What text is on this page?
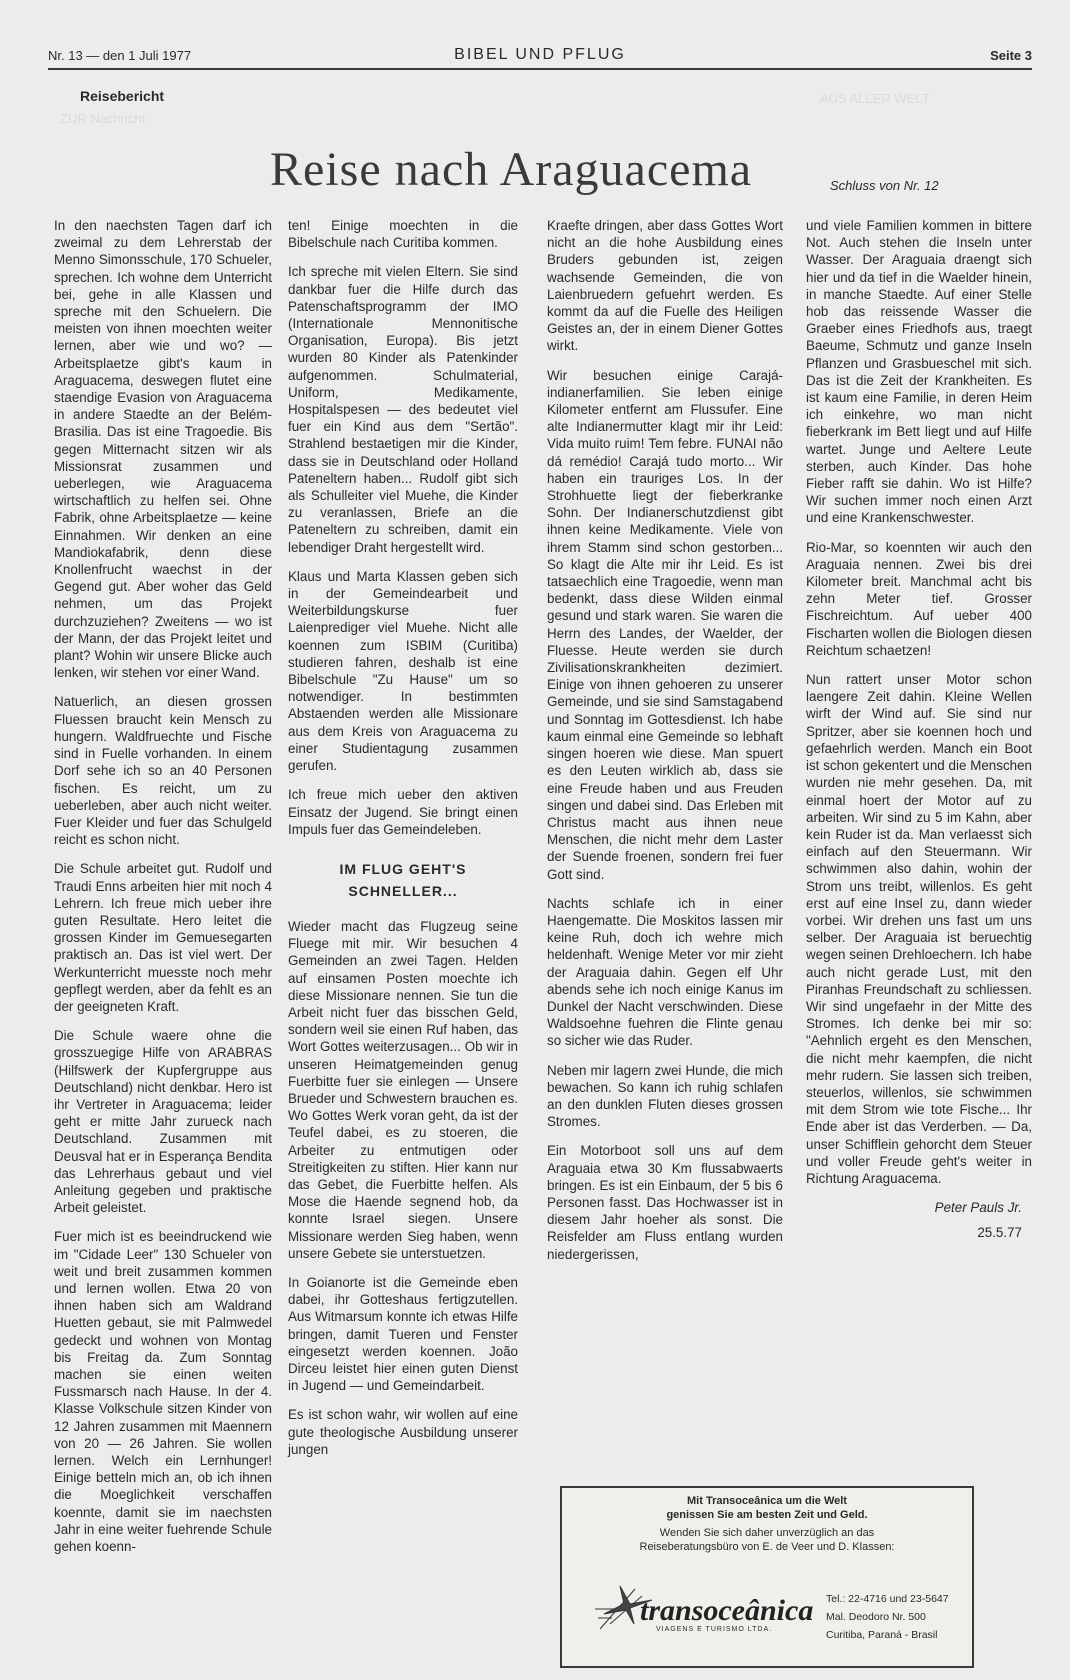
AUS ALLER WELT
ZUR Nachricht
Nr. 13 — den 1 Juli 1977	BIBEL UND PFLUG	Seite 3
Reisebericht
Reise nach Araguacema	Schluss von Nr. 12

In den naechsten Tagen darf ich zweimal zu dem Lehrerstab der Menno Simonsschule, 170 Schueler, sprechen. Ich wohne dem Unterricht bei, gehe in alle Klassen und spreche mit den Schuelern. Die meisten von ihnen moechten weiter lernen, aber wie und wo? — Arbeitsplaetze gibt's kaum in Araguacema, deswegen flutet eine staendige Evasion von Araguacema in andere Staedte an der Belém-Brasilia. Das ist eine Tragoedie. Bis gegen Mitternacht sitzen wir als Missionsrat zusammen und ueberlegen, wie Araguacema wirtschaftlich zu helfen sei. Ohne Fabrik, ohne Arbeitsplaetze — keine Einnahmen. Wir denken an eine Mandiokafabrik, denn diese Knollenfrucht waechst in der Gegend gut. Aber woher das Geld nehmen, um das Projekt durchzuziehen? Zweitens — wo ist der Mann, der das Projekt leitet und plant? Wohin wir unsere Blicke auch lenken, wir stehen vor einer Wand.

Natuerlich, an diesen grossen Fluessen braucht kein Mensch zu hungern. Waldfruechte und Fische sind in Fuelle vorhanden. In einem Dorf sehe ich so an 40 Personen fischen. Es reicht, um zu ueberleben, aber auch nicht weiter. Fuer Kleider und fuer das Schulgeld reicht es schon nicht.

Die Schule arbeitet gut. Rudolf und Traudi Enns arbeiten hier mit noch 4 Lehrern. Ich freue mich ueber ihre guten Resultate. Hero leitet die grossen Kinder im Gemuesegarten praktisch an. Das ist viel wert. Der Werkunterricht muesste noch mehr gepflegt werden, aber da fehlt es an der geeigneten Kraft.

Die Schule waere ohne die grosszuegige Hilfe von ARABRAS (Hilfswerk der Kupfergruppe aus Deutschland) nicht denkbar. Hero ist ihr Vertreter in Araguacema; leider geht er mitte Jahr zurueck nach Deutschland. Zusammen mit Deusval hat er in Esperança Bendita das Lehrerhaus gebaut und viel Anleitung gegeben und praktische Arbeit geleistet.

Fuer mich ist es beeindruckend wie im "Cidade Leer" 130 Schueler von weit und breit zusammen kommen und lernen wollen. Etwa 20 von ihnen haben sich am Waldrand Huetten gebaut, sie mit Palmwedel gedeckt und wohnen von Montag bis Freitag da. Zum Sonntag machen sie einen weiten Fussmarsch nach Hause. In der 4. Klasse Volkschule sitzen Kinder von 12 Jahren zusammen mit Maennern von 20 — 26 Jahren. Sie wollen lernen. Welch ein Lernhunger! Einige betteln mich an, ob ich ihnen die Moeglichkeit verschaffen koennte, damit sie im naechsten Jahr in eine weiter fuehrende Schule gehen koenn-

ten! Einige moechten in die Bibelschule nach Curitiba kommen.

Ich spreche mit vielen Eltern. Sie sind dankbar fuer die Hilfe durch das Patenschaftsprogramm der IMO (Internationale Mennonitische Organisation, Europa). Bis jetzt wurden 80 Kinder als Patenkinder aufgenommen. Schulmaterial, Uniform, Medikamente, Hospitalspesen — des bedeutet viel fuer ein Kind aus dem "Sertão". Strahlend bestaetigen mir die Kinder, dass sie in Deutschland oder Holland Pateneltern haben... Rudolf gibt sich als Schulleiter viel Muehe, die Kinder zu veranlassen, Briefe an die Pateneltern zu schreiben, damit ein lebendiger Draht hergestellt wird.

Klaus und Marta Klassen geben sich in der Gemeindearbeit und Weiterbildungskurse fuer Laienprediger viel Muehe. Nicht alle koennen zum ISBIM (Curitiba) studieren fahren, deshalb ist eine Bibelschule "Zu Hause" um so notwendiger. In bestimmten Abstaenden werden alle Missionare aus dem Kreis von Araguacema zu einer Studientagung zusammen gerufen.

Ich freue mich ueber den aktiven Einsatz der Jugend. Sie bringt einen Impuls fuer das Gemeindeleben.

IM FLUG GEHT'S SCHNELLER...

Wieder macht das Flugzeug seine Fluege mit mir. Wir besuchen 4 Gemeinden an zwei Tagen. Helden auf einsamen Posten moechte ich diese Missionare nennen. Sie tun die Arbeit nicht fuer das bisschen Geld, sondern weil sie einen Ruf haben, das Wort Gottes weiterzusagen... Ob wir in unseren Heimatgemeinden genug Fuerbitte fuer sie einlegen — Unsere Brueder und Schwestern brauchen es. Wo Gottes Werk voran geht, da ist der Teufel dabei, es zu stoeren, die Arbeiter zu entmutigen oder Streitigkeiten zu stiften. Hier kann nur das Gebet, die Fuerbitte helfen. Als Mose die Haende segnend hob, da konnte Israel siegen. Unsere Missionare werden Sieg haben, wenn unsere Gebete sie unterstuetzen.

In Goianorte ist die Gemeinde eben dabei, ihr Gotteshaus fertigzutellen. Aus Witmarsum konnte ich etwas Hilfe bringen, damit Tueren und Fenster eingesetzt werden koennen. João Dirceu leistet hier einen guten Dienst in Jugend — und Gemeindarbeit.

Es ist schon wahr, wir wollen auf eine gute theologische Ausbildung unserer jungen

Kraefte dringen, aber dass Gottes Wort nicht an die hohe Ausbildung eines Bruders gebunden ist, zeigen wachsende Gemeinden, die von Laienbruedern gefuehrt werden. Es kommt da auf die Fuelle des Heiligen Geistes an, der in einem Diener Gottes wirkt.

Wir besuchen einige Carajá-indianerfamilien. Sie leben einige Kilometer entfernt am Flussufer. Eine alte Indianermutter klagt mir ihr Leid: Vida muito ruim! Tem febre. FUNAI não dá remédio! Carajá tudo morto... Wir haben ein trauriges Los. In der Strohhuette liegt der fieberkranke Sohn. Der Indianerschutzdienst gibt ihnen keine Medikamente. Viele von ihrem Stamm sind schon gestorben... So klagt die Alte mir ihr Leid. Es ist tatsaechlich eine Tragoedie, wenn man bedenkt, dass diese Wilden einmal gesund und stark waren. Sie waren die Herrn des Landes, der Waelder, der Fluesse. Heute werden sie durch Zivilisationskrankheiten dezimiert. Einige von ihnen gehoeren zu unserer Gemeinde, und sie sind Samstagabend und Sonntag im Gottesdienst. Ich habe kaum einmal eine Gemeinde so lebhaft singen hoeren wie diese. Man spuert es den Leuten wirklich ab, dass sie eine Freude haben und aus Freuden singen und dabei sind. Das Erleben mit Christus macht aus ihnen neue Menschen, die nicht mehr dem Laster der Suende froenen, sondern frei fuer Gott sind.

Nachts schlafe ich in einer Haengematte. Die Moskitos lassen mir keine Ruh, doch ich wehre mich heldenhaft. Wenige Meter vor mir zieht der Araguaia dahin. Gegen elf Uhr abends sehe ich noch einige Kanus im Dunkel der Nacht verschwinden. Diese Waldsoehne fuehren die Flinte genau so sicher wie das Ruder.

Neben mir lagern zwei Hunde, die mich bewachen. So kann ich ruhig schlafen an den dunklen Fluten dieses grossen Stromes.

Ein Motorboot soll uns auf dem Araguaia etwa 30 Km flussabwaerts bringen. Es ist ein Einbaum, der 5 bis 6 Personen fasst. Das Hochwasser ist in diesem Jahr hoeher als sonst. Die Reisfelder am Fluss entlang wurden niedergerissen,

und viele Familien kommen in bittere Not. Auch stehen die Inseln unter Wasser. Der Araguaia draengt sich hier und da tief in die Waelder hinein, in manche Staedte. Auf einer Stelle hob das reissende Wasser die Graeber eines Friedhofs aus, traegt Baeume, Schmutz und ganze Inseln Pflanzen und Grasbueschel mit sich. Das ist die Zeit der Krankheiten. Es ist kaum eine Familie, in deren Heim ich einkehre, wo man nicht fieberkrank im Bett liegt und auf Hilfe wartet. Junge und Aeltere Leute sterben, auch Kinder. Das hohe Fieber rafft sie dahin. Wo ist Hilfe? Wir suchen immer noch einen Arzt und eine Krankenschwester.

Rio-Mar, so koennten wir auch den Araguaia nennen. Zwei bis drei Kilometer breit. Manchmal acht bis zehn Meter tief. Grosser Fischreichtum. Auf ueber 400 Fischarten wollen die Biologen diesen Reichtum schaetzen!

Nun rattert unser Motor schon laengere Zeit dahin. Kleine Wellen wirft der Wind auf. Sie sind nur Spritzer, aber sie koennen hoch und gefaehrlich werden. Manch ein Boot ist schon gekentert und die Menschen wurden nie mehr gesehen. Da, mit einmal hoert der Motor auf zu arbeiten. Wir sind zu 5 im Kahn, aber kein Ruder ist da. Man verlaesst sich einfach auf den Steuermann. Wir schwimmen also dahin, wohin der Strom uns treibt, willenlos. Es geht erst auf eine Insel zu, dann wieder vorbei. Wir drehen uns fast um uns selber. Der Araguaia ist beruechtig wegen seinen Drehloechern. Ich habe auch nicht gerade Lust, mit den Piranhas Freundschaft zu schliessen. Wir sind ungefaehr in der Mitte des Stromes. Ich denke bei mir so: "Aehnlich ergeht es den Menschen, die nicht mehr kaempfen, die nicht mehr rudern. Sie lassen sich treiben, steuerlos, willenlos, sie schwimmen mit dem Strom wie tote Fische... Ihr Ende aber ist das Verderben. — Da, unser Schifflein gehorcht dem Steuer und voller Freude geht's weiter in Richtung Araguacema.

Peter Pauls Jr.
25.5.77
Mit Transoceânica um die Welt
genissen Sie am besten Zeit und Geld.
Wenden Sie sich daher unverzüglich an das
Reiseberatungsbüro von E. de Veer und D. Klassen:
transoceânica
VIAGENS E TURISMO LTDA.
Tel.: 22-4716 und 23-5647
Mal. Deodoro Nr. 500
Curitiba, Paraná - Brasil
